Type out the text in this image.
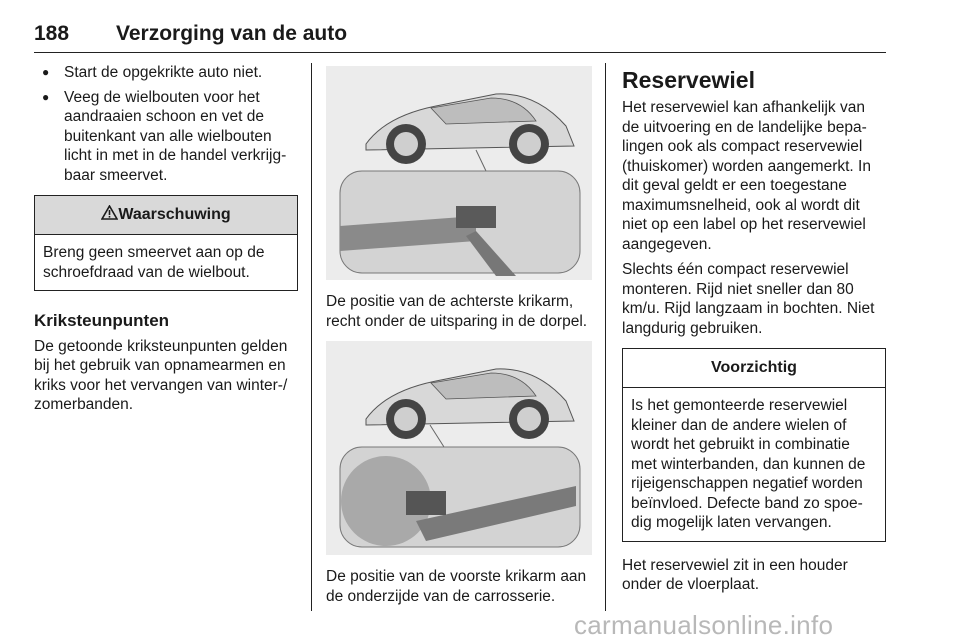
188 Verzorging van de auto
● Start de opgekrikte auto niet.
● Veeg de wielbouten voor het aandraaien schoon en vet de buitenkant van alle wielbouten licht in met in de handel verkrijg-baar smeervet.
Waarschuwing
Breng geen smeervet aan op de schroefdraad van de wielbout.
Kriksteunpunten

De getoonde kriksteunpunten gelden bij het gebruik van opnamearmen en kriks voor het vervangen van winter-/ zomerbanden.

De positie van de achterste krikarm, recht onder de uitsparing in de dorpel.

De positie van de voorste krikarm aan de onderzijde van de carrosserie.

Reservewiel

Het reservewiel kan afhankelijk van de uitvoering en de landelijke bepa-lingen ook als compact reservewiel (thuiskomer) worden aangemerkt. In dit geval geldt er een toegestane maximumsnelheid, ook al wordt dit niet op een label op het reservewiel aangegeven.

Slechts één compact reservewiel monteren. Rijd niet sneller dan 80 km/u. Rijd langzaam in bochten. Niet langdurig gebruiken.

Voorzichtig
Is het gemonteerde reservewiel kleiner dan de andere wielen of wordt het gebruikt in combinatie met winterbanden, dan kunnen de rijeigenschappen negatief worden beïnvloed. Defecte band zo spoe-dig mogelijk laten vervangen.

Het reservewiel zit in een houder onder de vloerplaat.

carmanualsonline.info
